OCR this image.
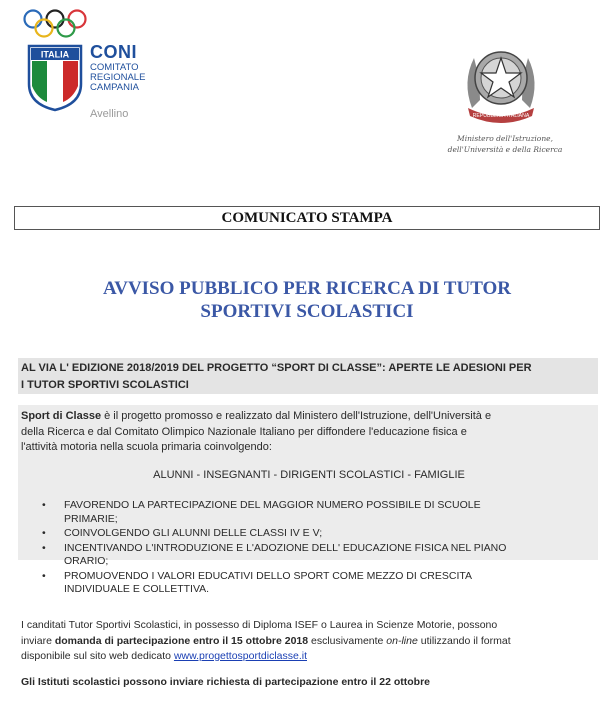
ITALIA CONI
COMITATO
REGIONALE
CAMPANIA
Avellino	REPUBBLICA ITALIANA
Ministero dell'Istruzione,
dell'Università e della Ricerca
COMUNICATO STAMPA
AVVISO PUBBLICO PER RICERCA DI TUTOR
SPORTIVI SCOLASTICI
AL VIA L' EDIZIONE 2018/2019 DEL PROGETTO “SPORT DI CLASSE”: APERTE LE ADESIONI PER
I TUTOR SPORTIVI SCOLASTICI
Sport di Classe è il progetto promosso e realizzato dal Ministero dell'Istruzione, dell'Università e
della Ricerca e dal Comitato Olimpico Nazionale Italiano per diffondere l'educazione fisica e
l'attività motoria nella scuola primaria coinvolgendo:
ALUNNI - INSEGNANTI - DIRIGENTI SCOLASTICI - FAMIGLIE
• FAVORENDO LA PARTECIPAZIONE DEL MAGGIOR NUMERO POSSIBILE DI SCUOLE
PRIMARIE;
• COINVOLGENDO GLI ALUNNI DELLE CLASSI IV E V;
• INCENTIVANDO L'INTRODUZIONE E L'ADOZIONE DELL' EDUCAZIONE FISICA NEL PIANO
ORARIO;
• PROMUOVENDO I VALORI EDUCATIVI DELLO SPORT COME MEZZO DI CRESCITA
INDIVIDUALE E COLLETTIVA.
I canditati Tutor Sportivi Scolastici, in possesso di Diploma ISEF o Laurea in Scienze Motorie, possono
inviare domanda di partecipazione entro il 15 ottobre 2018 esclusivamente on-line utilizzando il format
disponibile sul sito web dedicato www.progettosportdiclasse.it
Gli Istituti scolastici possono inviare richiesta di partecipazione entro il 22 ottobre
